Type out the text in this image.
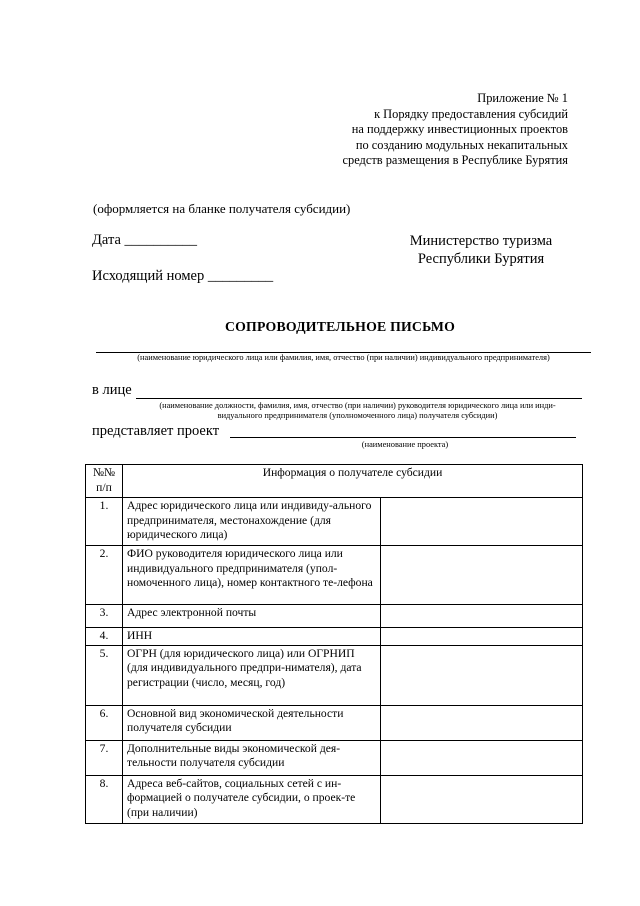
Приложение № 1
к Порядку предоставления субсидий
на поддержку инвестиционных проектов
по созданию модульных некапитальных
средств размещения в Республике Бурятия
(оформляется на бланке получателя субсидии)
Дата __________
Исходящий номер _________
Министерство туризма
Республики Бурятия
СОПРОВОДИТЕЛЬНОЕ ПИСЬМО
(наименование юридического лица или фамилия, имя, отчество (при наличии) индивидуального предпринимателя)
в лице
(наименование должности, фамилия, имя, отчество (при наличии) руководителя юридического лица или инди-
видуального предпринимателя (уполномоченного лица) получателя субсидии)
представляет проект
(наименование проекта)
№№ п/п	Информация о получателе субсидии	
1.	Адрес юридического лица или индивиду-ального предпринимателя, местонахождение (для юридического лица)	
2.	ФИО руководителя юридического лица или индивидуального предпринимателя (упол-номоченного лица), номер контактного те-лефона	
3.	Адрес электронной почты	
4.	ИНН	
5.	ОГРН (для юридического лица) или ОГРНИП (для индивидуального предпри-нимателя), дата регистрации (число, месяц, год)	
6.	Основной вид экономической деятельности получателя субсидии	
7.	Дополнительные виды экономической дея-тельности получателя субсидии	
8.	Адреса веб-сайтов, социальных сетей с ин-формацией о получателе субсидии, о проек-те (при наличии)	
